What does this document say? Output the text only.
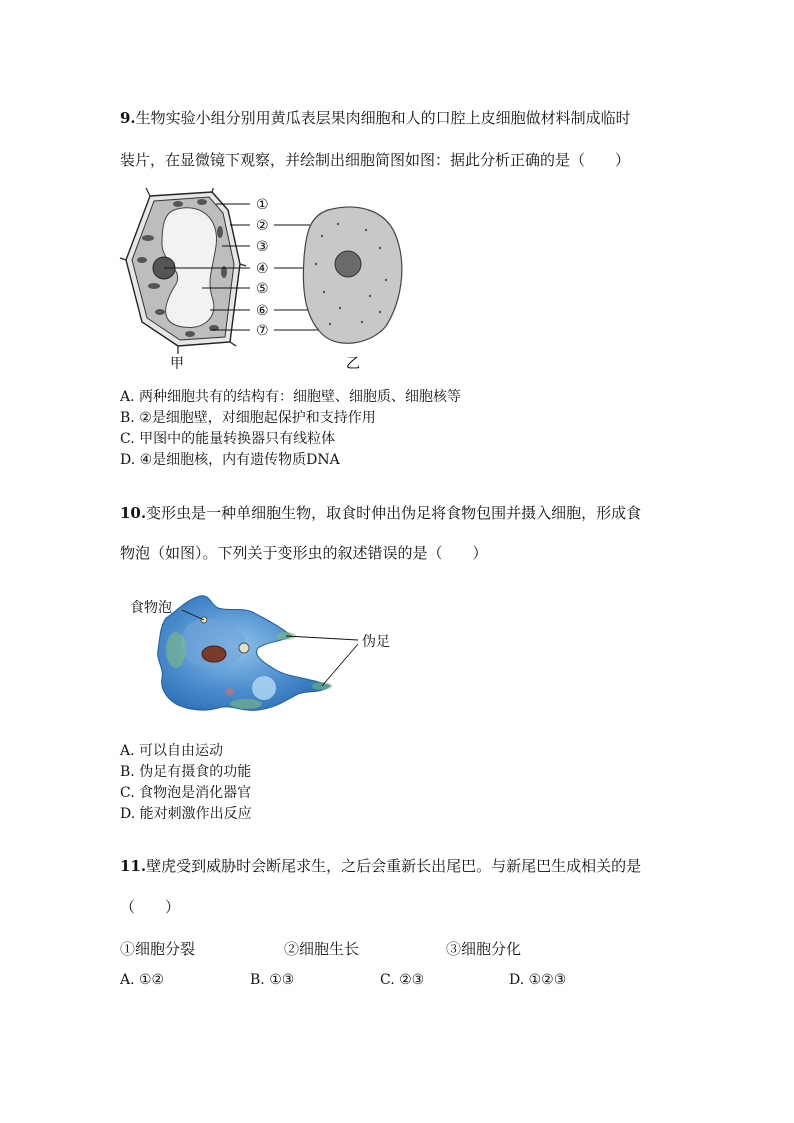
9.生物实验小组分别用黄瓜表层果肉细胞和人的口腔上皮细胞做材料制成临时
装片，在显微镜下观察，并绘制出细胞简图如图：据此分析正确的是（　　）
①
②
③
④
⑤
⑥
⑦
甲	乙
A. 两种细胞共有的结构有：细胞壁、细胞质、细胞核等
B. ②是细胞壁，对细胞起保护和支持作用
C. 甲图中的能量转换器只有线粒体
D. ④是细胞核，内有遗传物质DNA
10.变形虫是一种单细胞生物，取食时伸出伪足将食物包围并摄入细胞，形成食
物泡（如图）。下列关于变形虫的叙述错误的是（　　）
食物泡
伪足
A. 可以自由运动
B. 伪足有摄食的功能
C. 食物泡是消化器官
D. 能对刺激作出反应
11.壁虎受到威胁时会断尾求生，之后会重新长出尾巴。与新尾巴生成相关的是
（　　）
①细胞分裂	②细胞生长	③细胞分化
A. ①②	B. ①③	C. ②③	D. ①②③
